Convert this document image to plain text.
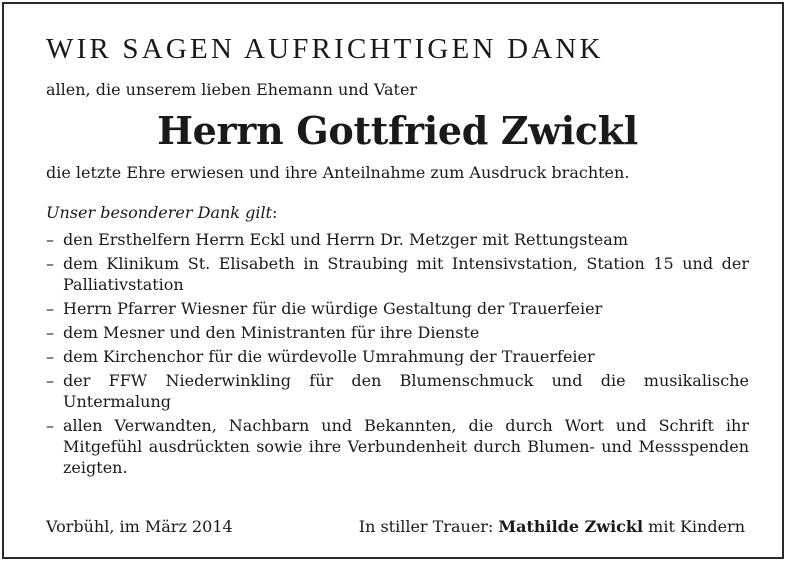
WIR SAGEN AUFRICHTIGEN DANK
allen, die unserem lieben Ehemann und Vater
Herrn Gottfried Zwickl
die letzte Ehre erwiesen und ihre Anteilnahme zum Ausdruck brachten.
Unser besonderer Dank gilt:
– den Ersthelfern Herrn Eckl und Herrn Dr. Metzger mit Rettungsteam
– dem Klinikum St. Elisabeth in Straubing mit Intensivstation, Station 15 und der Palliativstation
– Herrn Pfarrer Wiesner für die würdige Gestaltung der Trauerfeier
– dem Mesner und den Ministranten für ihre Dienste
– dem Kirchenchor für die würdevolle Umrahmung der Trauerfeier
– der FFW Niederwinkling für den Blumenschmuck und die musikalische Untermalung
– allen Verwandten, Nachbarn und Bekannten, die durch Wort und Schrift ihr Mitgefühl ausdrückten sowie ihre Verbundenheit durch Blumen- und Messspenden zeigten.
Vorbühl, im März 2014	In stiller Trauer: Mathilde Zwickl mit Kindern
